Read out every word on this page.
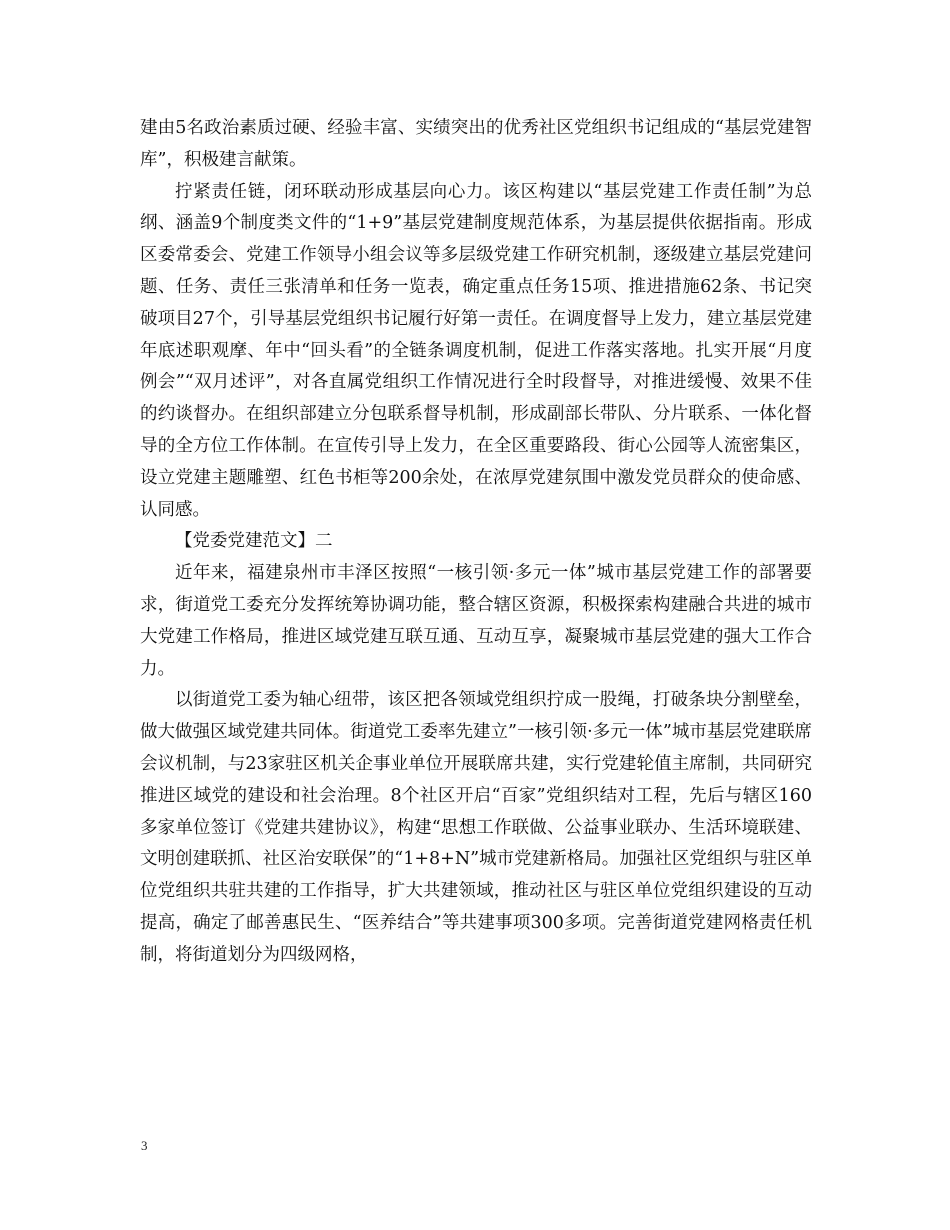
建由5名政治素质过硬、经验丰富、实绩突出的优秀社区党组织书记组成的“基层党建智库”，积极建言献策。

拧紧责任链，闭环联动形成基层向心力。该区构建以“基层党建工作责任制”为总纲、涵盖9个制度类文件的“1+9”基层党建制度规范体系，为基层提供依据指南。形成区委常委会、党建工作领导小组会议等多层级党建工作研究机制，逐级建立基层党建问题、任务、责任三张清单和任务一览表，确定重点任务15项、推进措施62条、书记突破项目27个，引导基层党组织书记履行好第一责任。在调度督导上发力，建立基层党建年底述职观摩、年中“回头看”的全链条调度机制，促进工作落实落地。扎实开展“月度例会”“双月述评”，对各直属党组织工作情况进行全时段督导，对推进缓慢、效果不佳的约谈督办。在组织部建立分包联系督导机制，形成副部长带队、分片联系、一体化督导的全方位工作体制。在宣传引导上发力，在全区重要路段、街心公园等人流密集区，设立党建主题雕塑、红色书柜等200余处，在浓厚党建氛围中激发党员群众的使命感、认同感。

【党委党建范文】二

近年来，福建泉州市丰泽区按照“一核引领·多元一体”城市基层党建工作的部署要求，街道党工委充分发挥统筹协调功能，整合辖区资源，积极探索构建融合共进的城市大党建工作格局，推进区域党建互联互通、互动互享，凝聚城市基层党建的强大工作合力。

以街道党工委为轴心纽带，该区把各领域党组织拧成一股绳，打破条块分割壁垒，做大做强区域党建共同体。街道党工委率先建立”一核引领·多元一体”城市基层党建联席会议机制，与23家驻区机关企事业单位开展联席共建，实行党建轮值主席制，共同研究推进区域党的建设和社会治理。8个社区开启“百家”党组织结对工程，先后与辖区160多家单位签订《党建共建协议》，构建“思想工作联做、公益事业联办、生活环境联建、文明创建联抓、社区治安联保”的“1+8+N”城市党建新格局。加强社区党组织与驻区单位党组织共驻共建的工作指导，扩大共建领域，推动社区与驻区单位党组织建设的互动提高，确定了邮善惠民生、“医养结合”等共建事项300多项。完善街道党建网格责任机制，将街道划分为四级网格，

3
